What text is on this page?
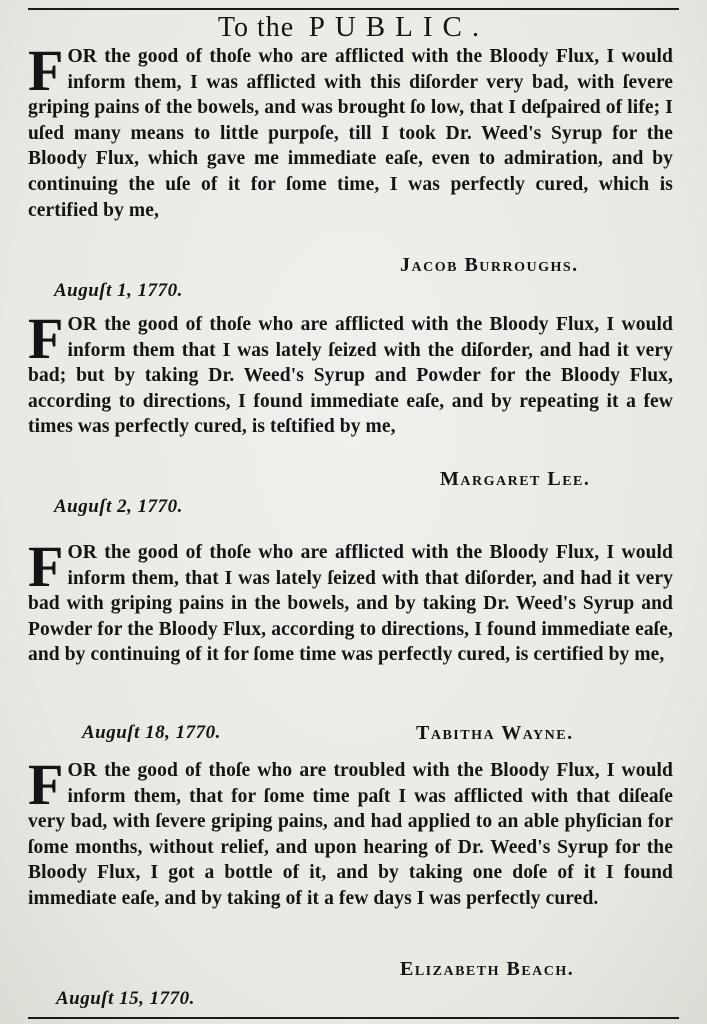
To the PUBLIC.

FOR the good of thoſe who are afflicted with the Bloody Flux, I would inform them, I was afflicted with this diſorder very bad, with ſevere griping pains of the bowels, and was brought ſo low, that I deſpaired of life; I uſed many means to little purpoſe, till I took Dr. Weed's Syrup for the Bloody Flux, which gave me immediate eaſe, even to admiration, and by continuing the uſe of it for ſome time, I was perfectly cured, which is certified by me,

Jacob Burroughs.
Auguſt 1, 1770.

FOR the good of thoſe who are afflicted with the Bloody Flux, I would inform them that I was lately ſeized with the diſorder, and had it very bad; but by taking Dr. Weed's Syrup and Powder for the Bloody Flux, according to directions, I found immediate eaſe, and by repeating it a few times was perfectly cured, is teſtified by me,

Margaret Lee.
Auguſt 2, 1770.

FOR the good of thoſe who are afflicted with the Bloody Flux, I would inform them, that I was lately ſeized with that diſorder, and had it very bad with griping pains in the bowels, and by taking Dr. Weed's Syrup and Powder for the Bloody Flux, according to directions, I found immediate eaſe, and by continuing of it for ſome time was perfectly cured, is certified by me,

Tabitha Wayne.
Auguſt 18, 1770.

FOR the good of thoſe who are troubled with the Bloody Flux, I would inform them, that for ſome time paſt I was afflicted with that diſeaſe very bad, with ſevere griping pains, and had applied to an able phyſician for ſome months, without relief, and upon hearing of Dr. Weed's Syrup for the Bloody Flux, I got a bottle of it, and by taking one doſe of it I found immediate eaſe, and by taking of it a few days I was perfectly cured.

Elizabeth Beach.
Auguſt 15, 1770.
